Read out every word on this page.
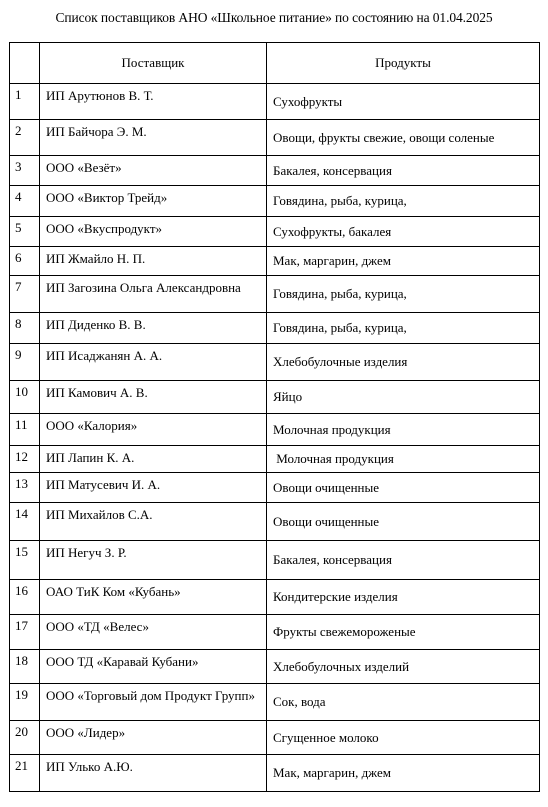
Список поставщиков АНО «Школьное питание» по состоянию на 01.04.2025
	Поставщик	Продукты
1	ИП Арутюнов В. Т.	Сухофрукты
2	ИП Байчора Э. М.	Овощи, фрукты свежие, овощи соленые
3	ООО «Везёт»	Бакалея, консервация
4	ООО «Виктор Трейд»	Говядина, рыба, курица,
5	ООО «Вкуспродукт»	Сухофрукты, бакалея
6	ИП Жмайло Н. П.	Мак, маргарин, джем
7	ИП Загозина Ольга Александровна	Говядина, рыба, курица,
8	ИП Диденко В. В.	Говядина, рыба, курица,
9	ИП Исаджанян А. А.	Хлебобулочные изделия
10	ИП Камович А. В.	Яйцо
11	ООО «Калория»	Молочная продукция
12	ИП Лапин К. А.	Молочная продукция
13	ИП Матусевич И. А.	Овощи очищенные
14	ИП Михайлов С.А.	Овощи очищенные
15	ИП Негуч З. Р.	Бакалея, консервация
16	ОАО ТиК Ком «Кубань»	Кондитерские изделия
17	ООО «ТД «Велес»	Фрукты свежемороженые
18	ООО ТД «Каравай Кубани»	Хлебобулочных изделий
19	ООО «Торговый дом Продукт Групп»	Сок, вода
20	ООО «Лидер»	Сгущенное молоко
21	ИП Улько А.Ю.	Мак, маргарин, джем
